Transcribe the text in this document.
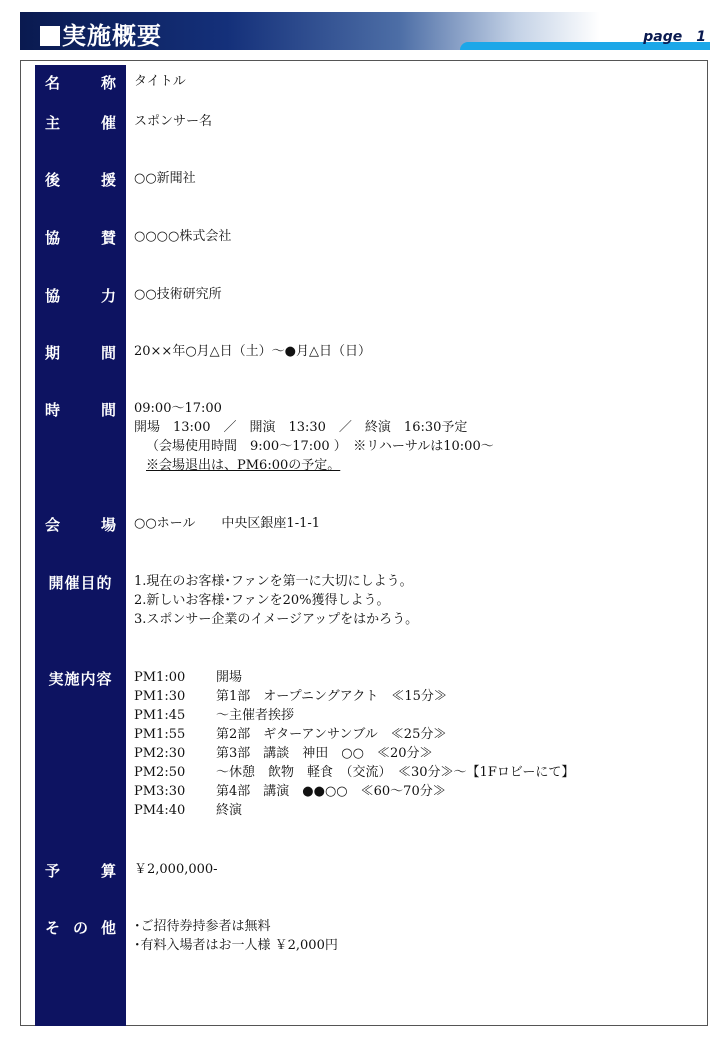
実施概要	page　1
名	称 タイトル
主	催 スポンサー名
後	援 ○○新聞社
協	賛 ○○○○株式会社
協	力 ○○技術研究所
期	間 20××年○月△日（土）～●月△日（日）
時	間 09:00～17:00
開場　13:00　／　開演　13:30　／　終演　16:30予定
（会場使用時間　9:00～17:00 ）　※リハーサルは10:00～
※会場退出は、PM6:00の予定。
会	場 ○○ホール　　中央区銀座1-1-1
開催目的	1.現在のお客様･ファンを第一に大切にしよう。
2.新しいお客様･ファンを20%獲得しよう。
3.スポンサー企業のイメージアップをはかろう。
実施内容	PM1:00	開場
PM1:30	第1部　オープニングアクト　≪15分≫
PM1:45	～主催者挨拶
PM1:55	第2部　ギターアンサンブル　≪25分≫
PM2:30	第3部　講談　神田　○○　≪20分≫
PM2:50	～休憩　飲物　軽食　（交流）　≪30分≫～【1Fロビーにて】
PM3:30	第4部　講演　●●○○　≪60～70分≫
PM4:40	終演
予	算 ￥2,000,000-
そ の 他 ･ご招待券持参者は無料
･有料入場者はお一人様 ￥2,000円
